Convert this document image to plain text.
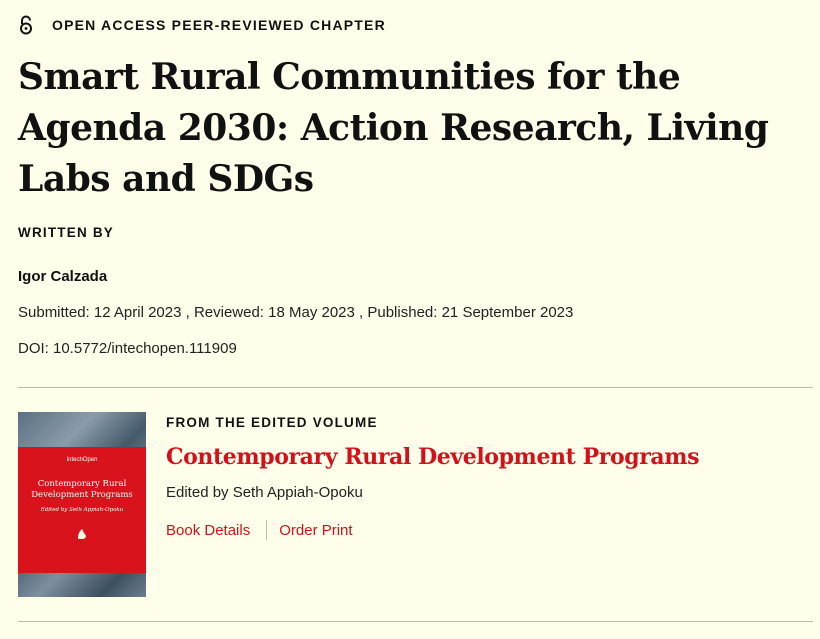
OPEN ACCESS PEER-REVIEWED CHAPTER
Smart Rural Communities for the Agenda 2030: Action Research, Living Labs and SDGs
WRITTEN BY
Igor Calzada
Submitted: 12 April 2023 , Reviewed: 18 May 2023 , Published: 21 September 2023
DOI: 10.5772/intechopen.111909
IntechOpen
Contemporary Rural Development Programs
Edited by Seth Appiah-Opoku
FROM THE EDITED VOLUME
Contemporary Rural Development Programs
Edited by Seth Appiah-Opoku
Book Details Order Print
